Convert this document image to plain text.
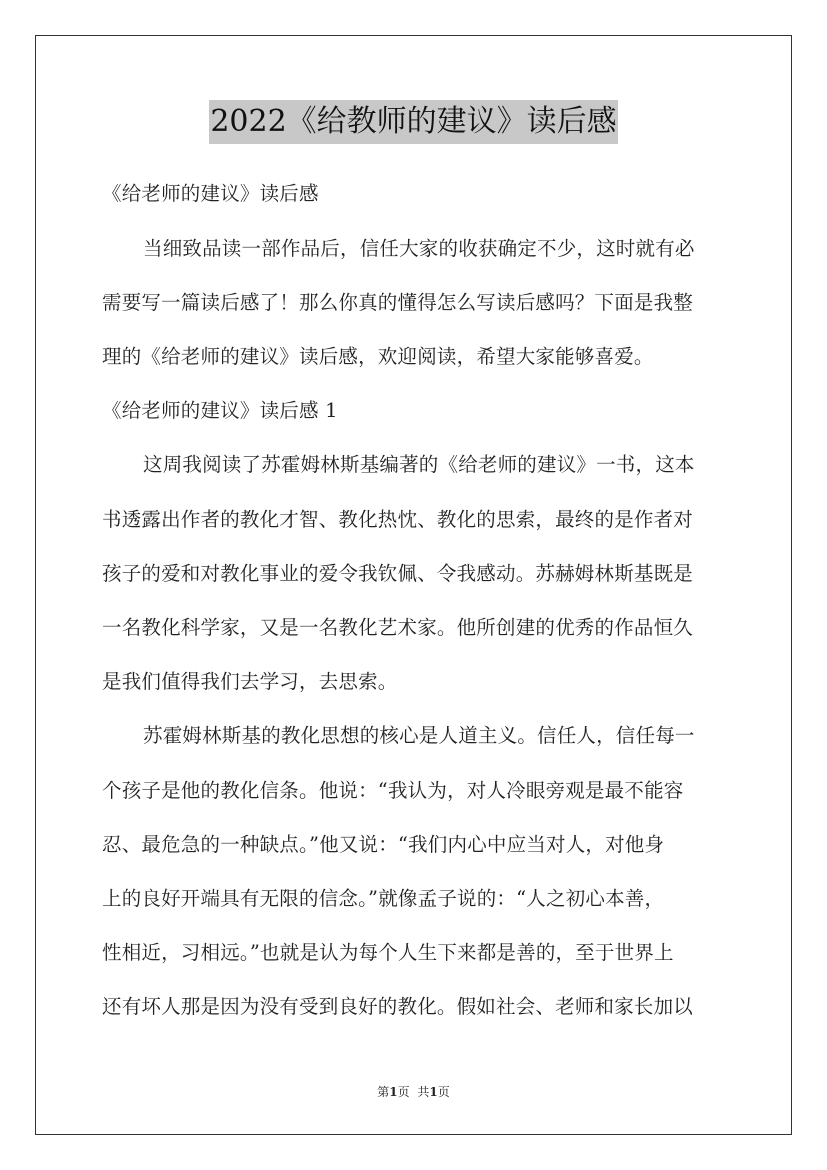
2022《给教师的建议》读后感
《给老师的建议》读后感
当细致品读一部作品后，信任大家的收获确定不少，这时就有必
需要写一篇读后感了！那么你真的懂得怎么写读后感吗？下面是我整
理的《给老师的建议》读后感，欢迎阅读，希望大家能够喜爱。
《给老师的建议》读后感 1
这周我阅读了苏霍姆林斯基编著的《给老师的建议》一书，这本
书透露出作者的教化才智、教化热忱、教化的思索，最终的是作者对
孩子的爱和对教化事业的爱令我钦佩、令我感动。苏赫姆林斯基既是
一名教化科学家，又是一名教化艺术家。他所创建的优秀的作品恒久
是我们值得我们去学习，去思索。
苏霍姆林斯基的教化思想的核心是人道主义。信任人，信任每一
个孩子是他的教化信条。他说：“我认为，对人冷眼旁观是最不能容
忍、最危急的一种缺点。”他又说：“我们内心中应当对人，对他身
上的良好开端具有无限的信念。”就像孟子说的：“人之初心本善，
性相近，习相远。”也就是认为每个人生下来都是善的，至于世界上
还有坏人那是因为没有受到良好的教化。假如社会、老师和家长加以
第1页 共1页
